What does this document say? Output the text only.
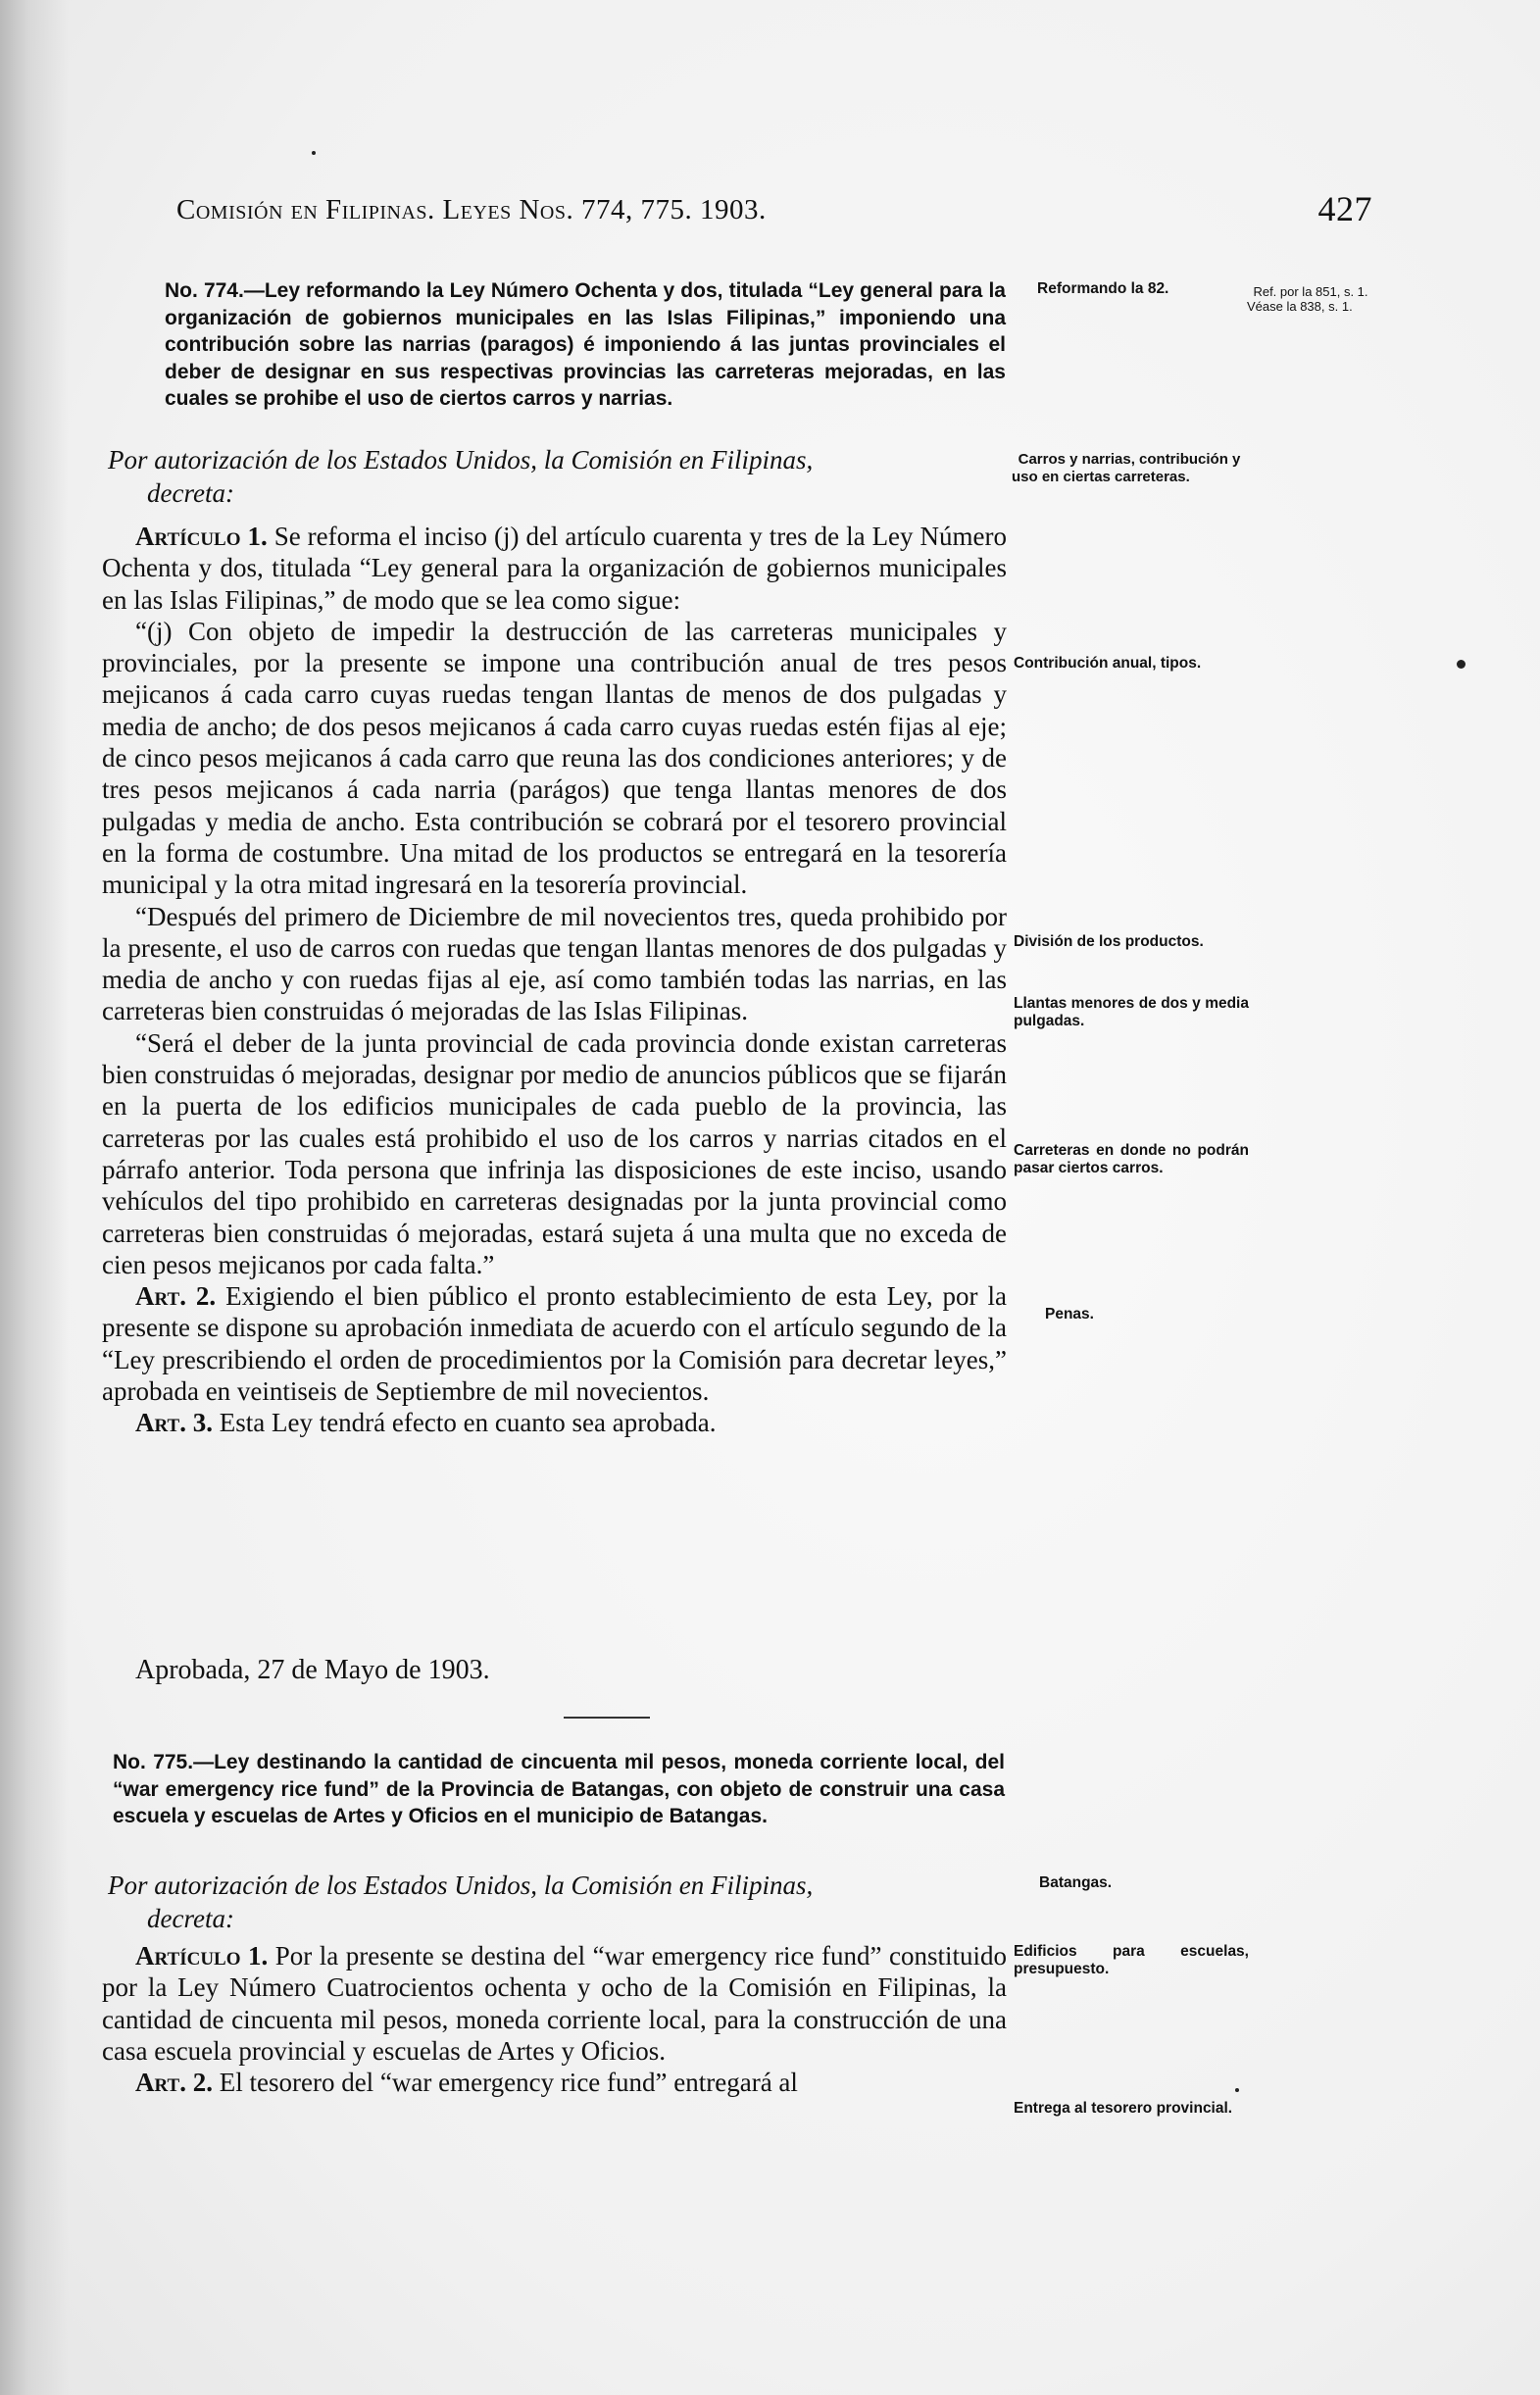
Comisión en Filipinas. Leyes Nos. 774, 775. 1903.	427
No. 774.—Ley reformando la Ley Número Ochenta y dos, titulada “Ley general para la organización de gobiernos municipales en las Islas Filipinas,” imponiendo una contribución sobre las narrias (paragos) é imponiendo á las juntas provinciales el deber de designar en sus respectivas provincias las carreteras mejoradas, en las cuales se prohibe el uso de ciertos carros y narrias.
Reformando la 82.	Ref. por la 851, s. 1. Véase la 838, s. 1.
Por autorización de los Estados Unidos, la Comisión en Filipinas,
decreta:
Carros y narrias, contribución y uso en ciertas carreteras.

Artículo 1. Se reforma el inciso (j) del artículo cuarenta y tres de la Ley Número Ochenta y dos, titulada “Ley general para la organización de gobiernos municipales en las Islas Filipinas,” de modo que se lea como sigue:

“(j) Con objeto de impedir la destrucción de las carreteras municipales y provinciales, por la presente se impone una contribución anual de tres pesos mejicanos á cada carro cuyas ruedas tengan llantas de menos de dos pulgadas y media de ancho; de dos pesos mejicanos á cada carro cuyas ruedas estén fijas al eje; de cinco pesos mejicanos á cada carro que reuna las dos condiciones anteriores; y de tres pesos mejicanos á cada narria (parágos) que tenga llantas menores de dos pulgadas y media de ancho. Esta contribución se cobrará por el tesorero provincial en la forma de costumbre. Una mitad de los productos se entregará en la tesorería municipal y la otra mitad ingresará en la tesorería provincial.

“Después del primero de Diciembre de mil novecientos tres, queda prohibido por la presente, el uso de carros con ruedas que tengan llantas menores de dos pulgadas y media de ancho y con ruedas fijas al eje, así como también todas las narrias, en las carreteras bien construidas ó mejoradas de las Islas Filipinas.

“Será el deber de la junta provincial de cada provincia donde existan carreteras bien construidas ó mejoradas, designar por medio de anuncios públicos que se fijarán en la puerta de los edificios municipales de cada pueblo de la provincia, las carreteras por las cuales está prohibido el uso de los carros y narrias citados en el párrafo anterior. Toda persona que infrinja las disposiciones de este inciso, usando vehículos del tipo prohibido en carreteras designadas por la junta provincial como carreteras bien construidas ó mejoradas, estará sujeta á una multa que no exceda de cien pesos mejicanos por cada falta.”

Art. 2. Exigiendo el bien público el pronto establecimiento de esta Ley, por la presente se dispone su aprobación inmediata de acuerdo con el artículo segundo de la “Ley prescribiendo el orden de procedimientos por la Comisión para decretar leyes,” aprobada en veintiseis de Septiembre de mil novecientos.

Art. 3. Esta Ley tendrá efecto en cuanto sea aprobada.

Aprobada, 27 de Mayo de 1903.
Contribución anual, tipos.
División de los productos.
Llantas menores de dos y media pulgadas.
Carreteras en donde no podrán pasar ciertos carros.
Penas.
No. 775.—Ley destinando la cantidad de cincuenta mil pesos, moneda corriente local, del “war emergency rice fund” de la Provincia de Batangas, con objeto de construir una casa escuela y escuelas de Artes y Oficios en el municipio de Batangas.
Por autorización de los Estados Unidos, la Comisión en Filipinas,
decreta:
Batangas.

Artículo 1. Por la presente se destina del “war emergency rice fund” constituido por la Ley Número Cuatrocientos ochenta y ocho de la Comisión en Filipinas, la cantidad de cincuenta mil pesos, moneda corriente local, para la construcción de una casa escuela provincial y escuelas de Artes y Oficios.

Art. 2. El tesorero del “war emergency rice fund” entregará al

Edificios para escuelas, presupuesto.
Entrega al tesorero provincial.
